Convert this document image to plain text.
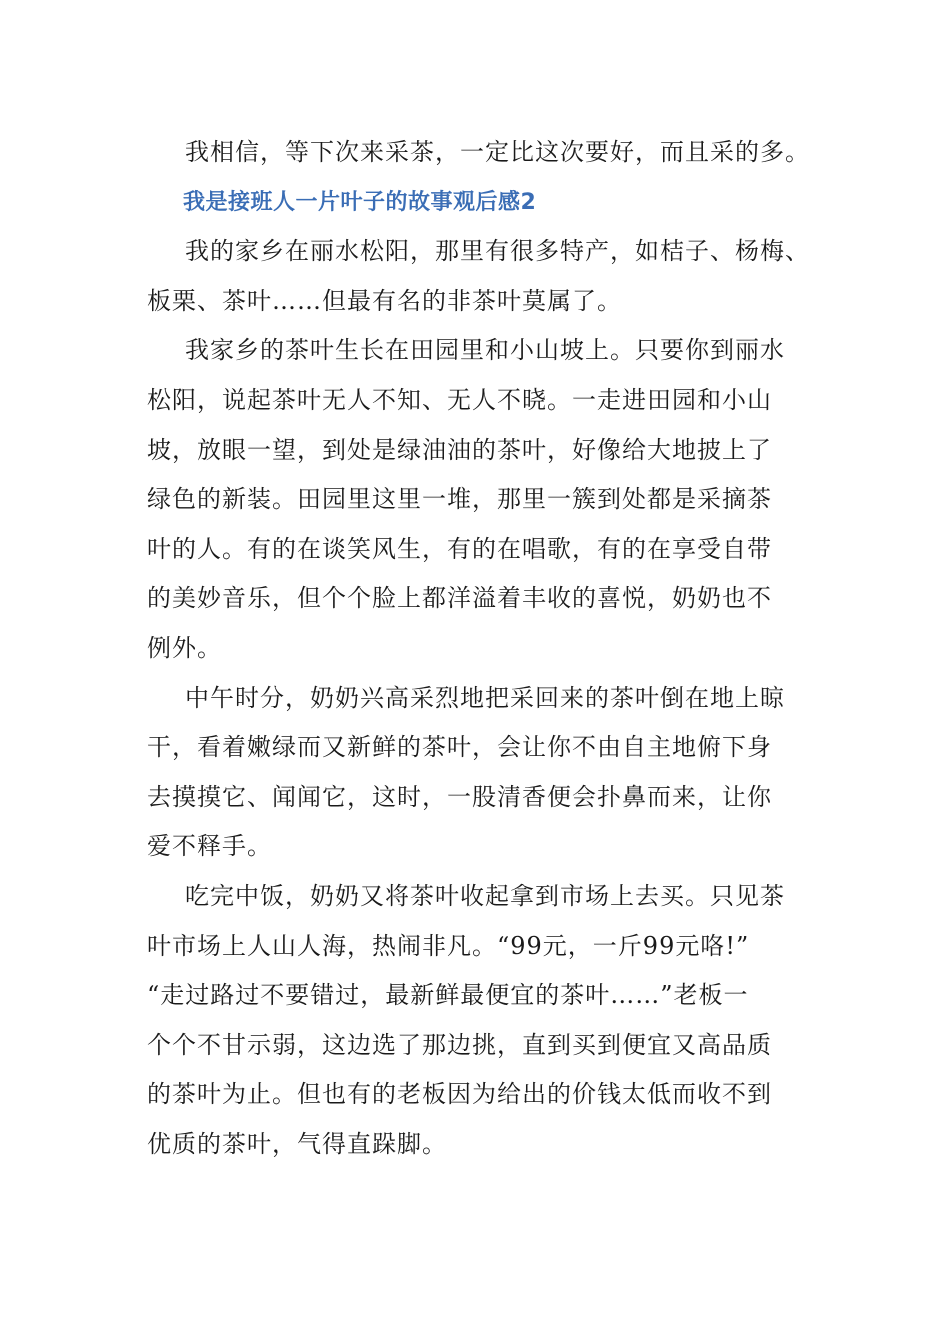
我相信，等下次来采茶，一定比这次要好，而且采的多。
我是接班人一片叶子的故事观后感2
我的家乡在丽水松阳，那里有很多特产，如桔子、杨梅、
板栗、茶叶……但最有名的非茶叶莫属了。
我家乡的茶叶生长在田园里和小山坡上。只要你到丽水
松阳，说起茶叶无人不知、无人不晓。一走进田园和小山
坡，放眼一望，到处是绿油油的茶叶，好像给大地披上了
绿色的新装。田园里这里一堆，那里一簇到处都是采摘茶
叶的人。有的在谈笑风生，有的在唱歌，有的在享受自带
的美妙音乐，但个个脸上都洋溢着丰收的喜悦，奶奶也不
例外。
中午时分，奶奶兴高采烈地把采回来的茶叶倒在地上晾
干，看着嫩绿而又新鲜的茶叶，会让你不由自主地俯下身
去摸摸它、闻闻它，这时，一股清香便会扑鼻而来，让你
爱不释手。
吃完中饭，奶奶又将茶叶收起拿到市场上去买。只见茶
叶市场上人山人海，热闹非凡。“99元，一斤99元咯!”
“走过路过不要错过，最新鲜最便宜的茶叶……”老板一
个个不甘示弱，这边选了那边挑，直到买到便宜又高品质
的茶叶为止。但也有的老板因为给出的价钱太低而收不到
优质的茶叶，气得直跺脚。
